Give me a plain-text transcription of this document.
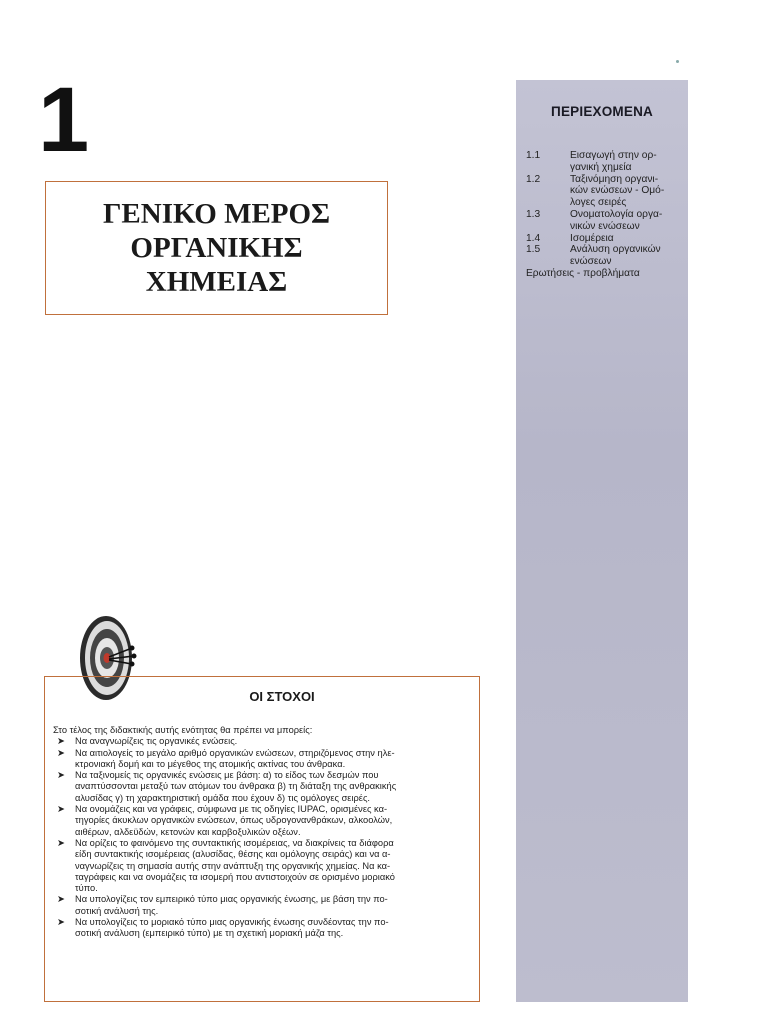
1
ΓΕΝΙΚΟ ΜΕΡΟΣ
ΟΡΓΑΝΙΚΗΣ
ΧΗΜΕΙΑΣ
ΠΕΡΙΕΧΟΜΕΝΑ
1.1	Εισαγωγή στην ορ-
γανική χημεία
1.2	Ταξινόμηση οργανι-
κών ενώσεων - Ομό-
λογες σειρές
1.3	Ονοματολογία οργα-
νικών ενώσεων
1.4	Ισομέρεια
1.5	Ανάλυση οργανικών
ενώσεων
Ερωτήσεις - προβλήματα
ΟΙ ΣΤΟΧΟΙ
Στο τέλος της διδακτικής αυτής ενότητας θα πρέπει να μπορείς:
➤	Να αναγνωρίζεις τις οργανικές ενώσεις.
➤	Να αιτιολογείς το μεγάλο αριθμό οργανικών ενώσεων, στηριζόμενος στην ηλε-
κτρονιακή δομή και το μέγεθος της ατομικής ακτίνας του άνθρακα.
➤	Να ταξινομείς τις οργανικές ενώσεις με βάση: α) το είδος των δεσμών που
αναπτύσσονται μεταξύ των ατόμων του άνθρακα β) τη διάταξη της ανθρακικής
αλυσίδας γ) τη χαρακτηριστική ομάδα που έχουν δ) τις ομόλογες σειρές.
➤	Να ονομάζεις και να γράφεις, σύμφωνα με τις οδηγίες IUPAC, ορισμένες κα-
τηγορίες άκυκλων οργανικών ενώσεων, όπως υδρογονανθράκων, αλκοολών,
αιθέρων, αλδεϋδών, κετονών και καρβοξυλικών οξέων.
➤	Να ορίζεις το φαινόμενο της συντακτικής ισομέρειας, να διακρίνεις τα διάφορα
είδη συντακτικής ισομέρειας (αλυσίδας, θέσης και ομόλογης σειράς) και να α-
ναγνωρίζεις τη σημασία αυτής στην ανάπτυξη της οργανικής χημείας. Να κα-
ταγράφεις και να ονομάζεις τα ισομερή που αντιστοιχούν σε ορισμένο μοριακό
τύπο.
➤	Να υπολογίζεις τον εμπειρικό τύπο μιας οργανικής ένωσης, με βάση την πο-
σοτική ανάλυσή της.
➤	Να υπολογίζεις το μοριακό τύπο μιας οργανικής ένωσης συνδέοντας την πο-
σοτική ανάλυση (εμπειρικό τύπο) με τη σχετική μοριακή μάζα της.
